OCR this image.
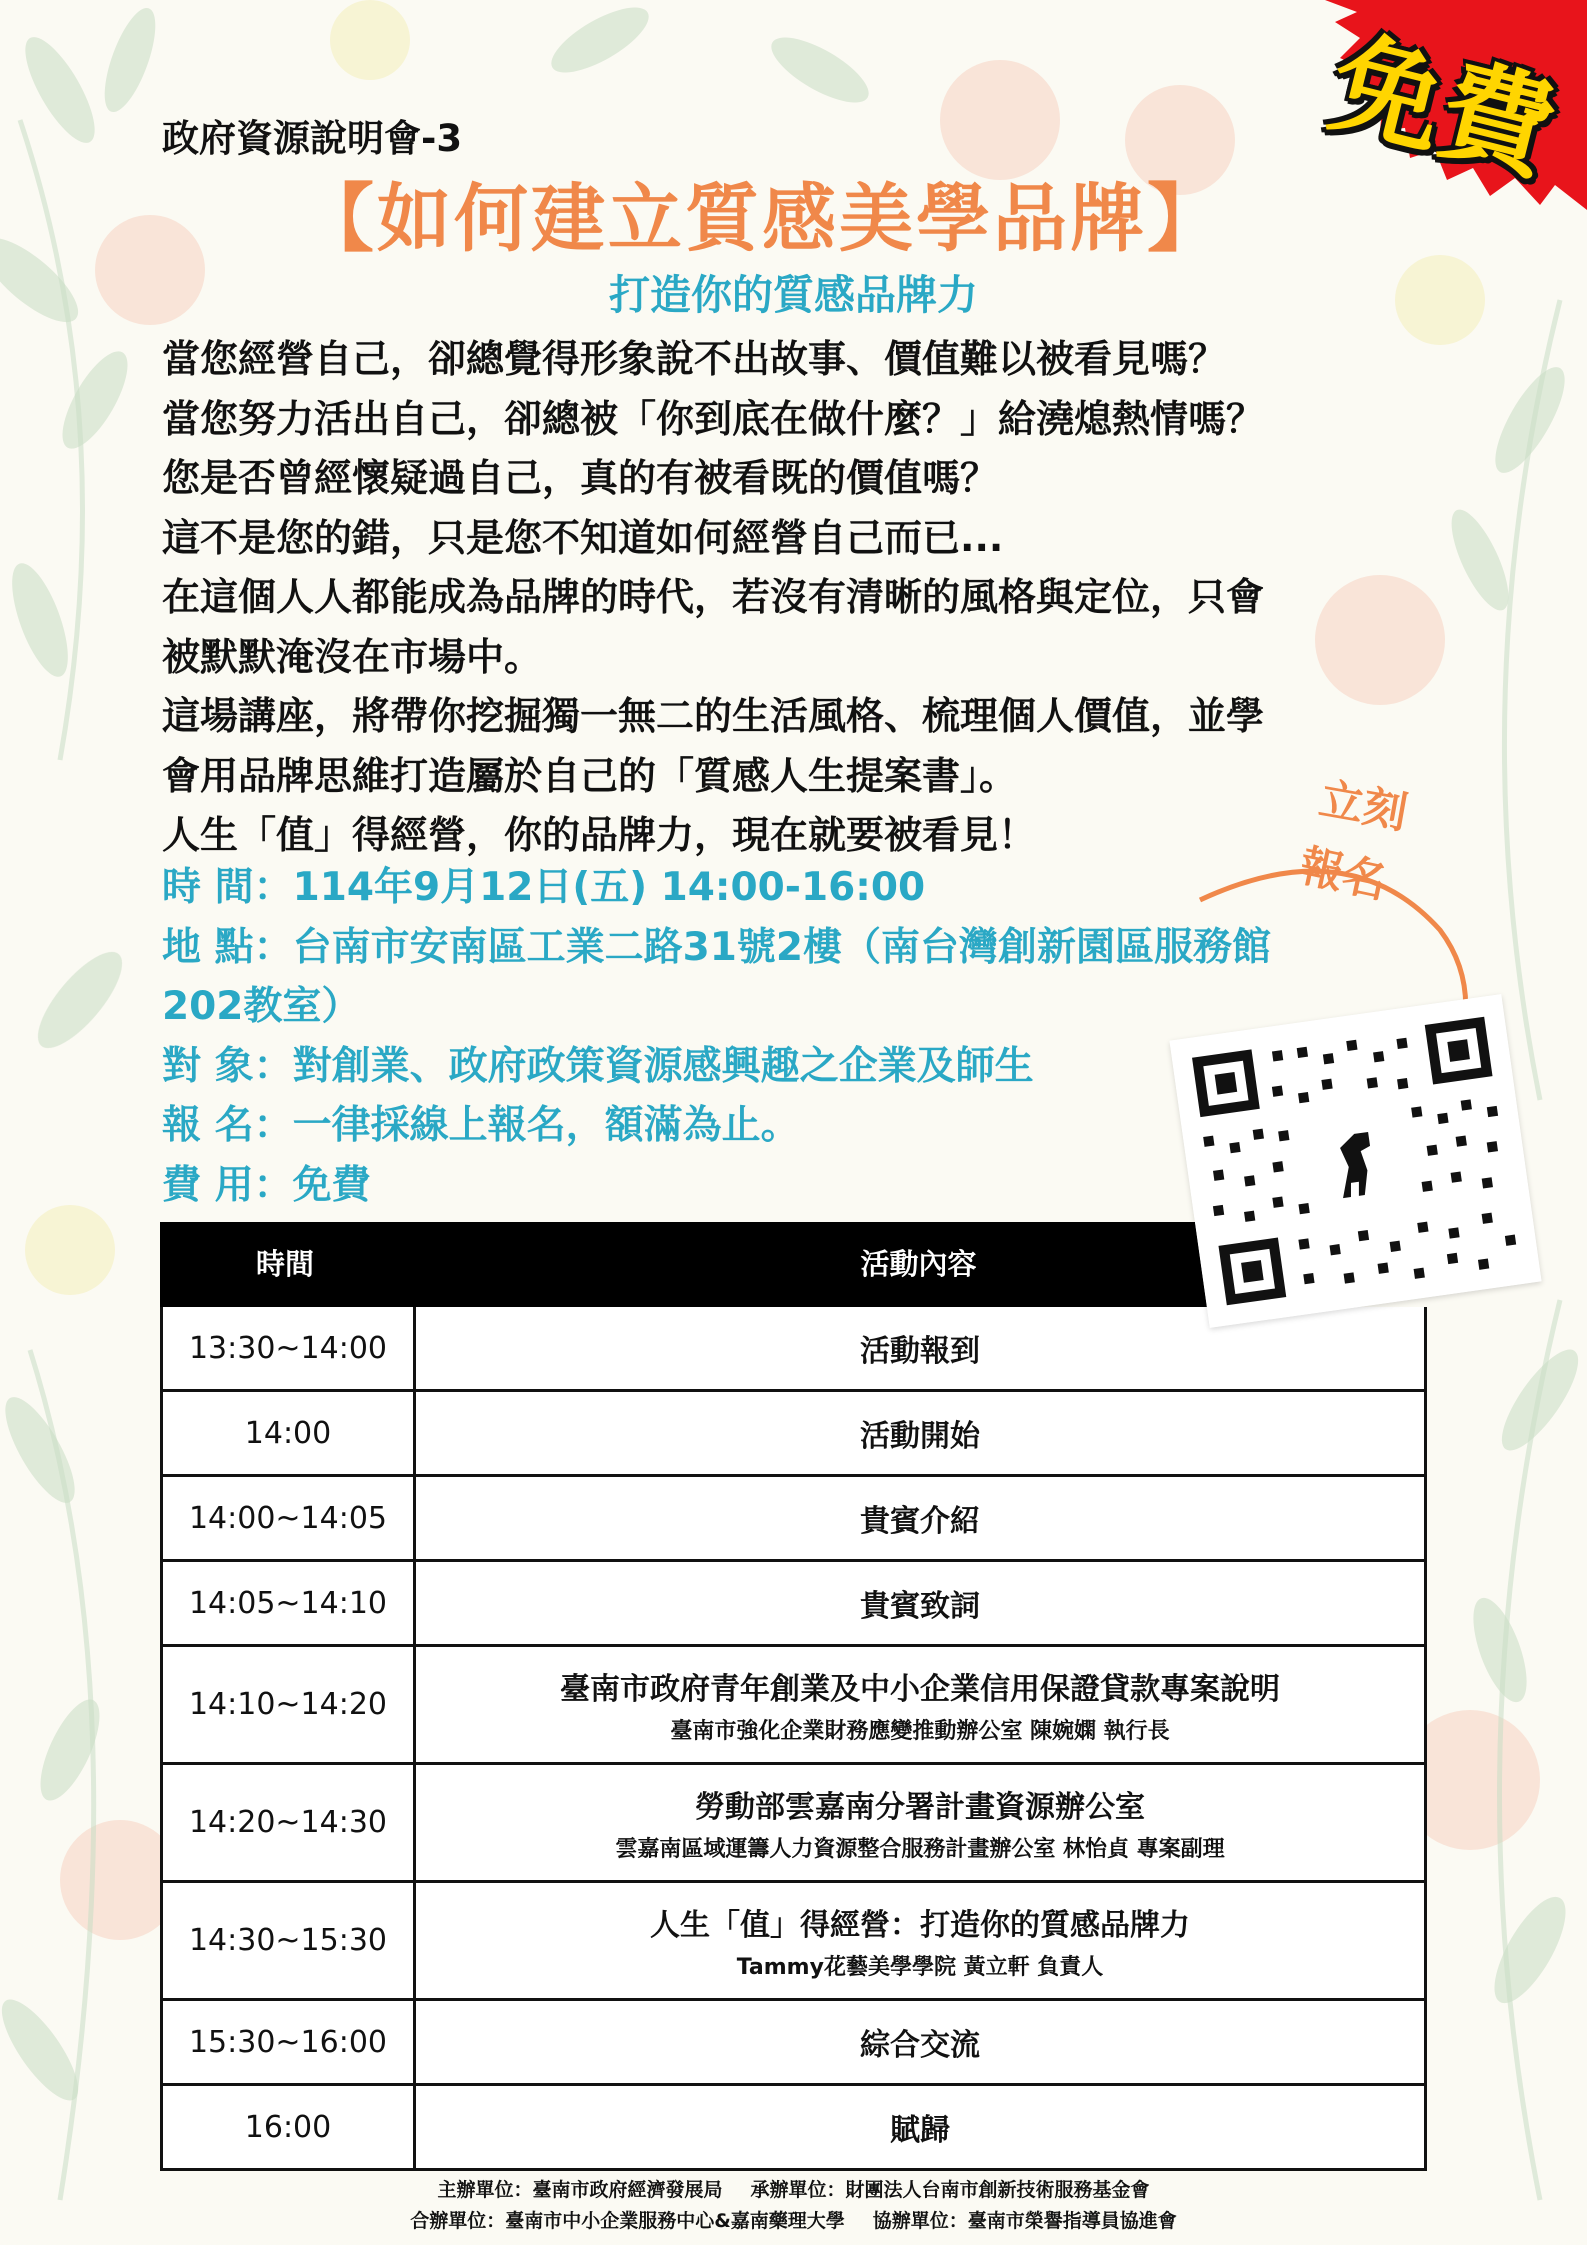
免費
政府資源說明會-3
【如何建立質感美學品牌】
打造你的質感品牌力

當您經營自己，卻總覺得形象說不出故事、價值難以被看見嗎？

當您努力活出自己，卻總被「你到底在做什麼？」給澆熄熱情嗎？

您是否曾經懷疑過自己，真的有被看既的價值嗎？

這不是您的錯，只是您不知道如何經營自己而已...

在這個人人都能成為品牌的時代，若沒有清晰的風格與定位，只會

被默默淹沒在市場中。

這場講座，將帶你挖掘獨一無二的生活風格、梳理個人價值，並學

會用品牌思維打造屬於自己的「質感人生提案書」。

人生「值」得經營，你的品牌力，現在就要被看見！

時 間：114年9月12日(五) 14:00-16:00

地 點：台南市安南區工業二路31號2樓（南台灣創新園區服務館

202教室）

對 象：對創業、政府政策資源感興趣之企業及師生

報 名：一律採線上報名，額滿為止。

費 用：免費

立刻
報名
時間	活動內容
13:30~14:00	活動報到
14:00	活動開始
14:00~14:05	貴賓介紹
14:05~14:10	貴賓致詞
14:10~14:20	臺南市政府青年創業及中小企業信用保證貸款專案說明
臺南市強化企業財務應變推動辦公室 陳婉嫻 執行長
14:20~14:30	勞動部雲嘉南分署計畫資源辦公室
雲嘉南區域運籌人力資源整合服務計畫辦公室 林怡貞 專案副理
14:30~15:30	人生「值」得經營：打造你的質感品牌力
Tammy花藝美學學院 黃立軒 負責人
15:30~16:00	綜合交流
16:00	賦歸

主辦單位：臺南市政府經濟發展局 承辦單位：財團法人台南市創新技術服務基金會

合辦單位：臺南市中小企業服務中心&嘉南藥理大學 協辦單位：臺南市榮譽指導員協進會
